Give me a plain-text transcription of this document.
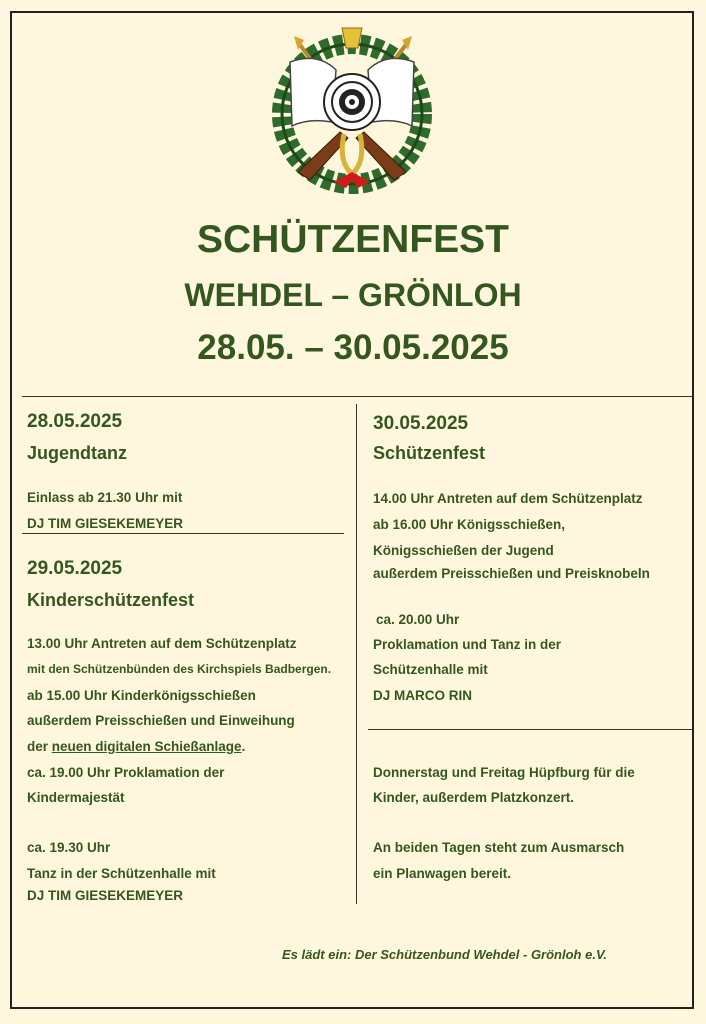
SCHÜTZENFEST
WEHDEL – GRÖNLOH
28.05. – 30.05.2025
28.05.2025
Jugendtanz
Einlass ab 21.30 Uhr mit
DJ TIM GIESEKEMEYER
29.05.2025
Kinderschützenfest
13.00 Uhr Antreten auf dem Schützenplatz
mit den Schützenbünden des Kirchspiels Badbergen.
ab 15.00 Uhr Kinderkönigsschießen
außerdem Preisschießen und Einweihung
der neuen digitalen Schießanlage.
ca. 19.00 Uhr Proklamation der
Kindermajestät
ca. 19.30 Uhr
Tanz in der Schützenhalle mit
DJ TIM GIESEKEMEYER
30.05.2025
Schützenfest
14.00 Uhr Antreten auf dem Schützenplatz
ab 16.00 Uhr Königsschießen,
Königsschießen der Jugend
außerdem Preisschießen und Preisknobeln
ca. 20.00 Uhr
Proklamation und Tanz in der
Schützenhalle mit
DJ MARCO RIN
Donnerstag und Freitag Hüpfburg für die
Kinder, außerdem Platzkonzert.
An beiden Tagen steht zum Ausmarsch
ein Planwagen bereit.
Es lädt ein: Der Schützenbund Wehdel - Grönloh e.V.
